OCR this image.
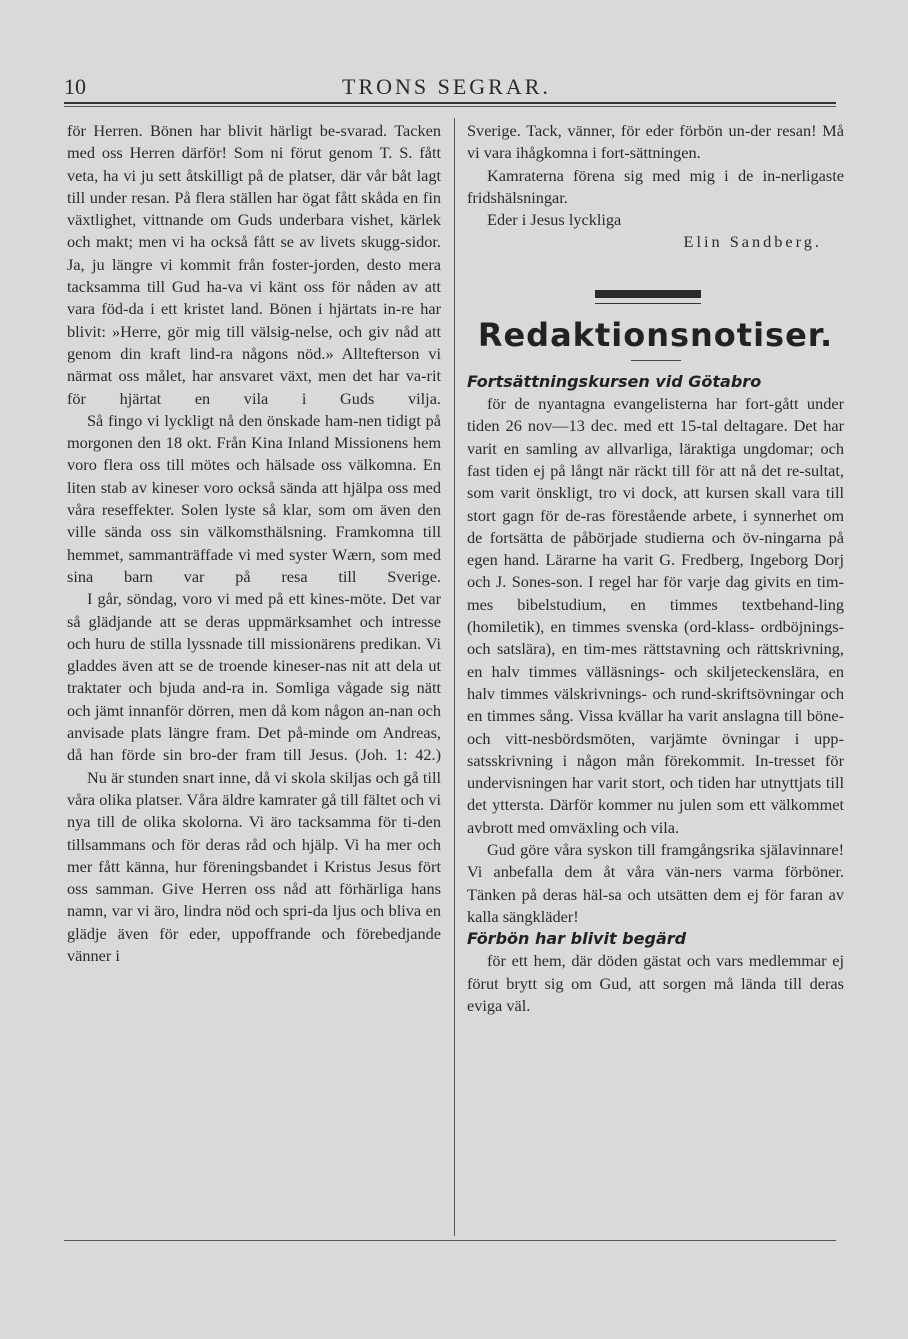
10	TRONS SEGRAR.

för Herren. Bönen har blivit härligt be-svarad. Tacken med oss Herren därför! Som ni förut genom T. S. fått veta, ha vi ju sett åtskilligt på de platser, där vår båt lagt till under resan. På flera ställen har ögat fått skåda en fin växtlighet, vittnande om Guds underbara vishet, kärlek och makt; men vi ha också fått se av livets skugg-sidor. Ja, ju längre vi kommit från foster-jorden, desto mera tacksamma till Gud ha-va vi känt oss för nåden av att vara föd-da i ett kristet land. Bönen i hjärtats in-re har blivit: »Herre, gör mig till välsig-nelse, och giv nåd att genom din kraft lind-ra någons nöd.» Alltefterson vi närmat oss målet, har ansvaret växt, men det har va-rit för hjärtat en vila i Guds vilja.

Så fingo vi lyckligt nå den önskade ham-nen tidigt på morgonen den 18 okt. Från Kina Inland Missionens hem voro flera oss till mötes och hälsade oss välkomna. En liten stab av kineser voro också sända att hjälpa oss med våra reseffekter. Solen lyste så klar, som om även den ville sända oss sin välkomsthälsning. Framkomna till hemmet, sammanträffade vi med syster Wærn, som med sina barn var på resa till Sverige.

I går, söndag, voro vi med på ett kines-möte. Det var så glädjande att se deras uppmärksamhet och intresse och huru de stilla lyssnade till missionärens predikan. Vi gladdes även att se de troende kineser-nas nit att dela ut traktater och bjuda and-ra in. Somliga vågade sig nätt och jämt innanför dörren, men då kom någon an-nan och anvisade plats längre fram. Det på-minde om Andreas, då han förde sin bro-der fram till Jesus. (Joh. 1: 42.)

Nu är stunden snart inne, då vi skola skiljas och gå till våra olika platser. Våra äldre kamrater gå till fältet och vi nya till de olika skolorna. Vi äro tacksamma för ti-den tillsammans och för deras råd och hjälp. Vi ha mer och mer fått känna, hur föreningsbandet i Kristus Jesus fört oss samman. Give Herren oss nåd att förhärliga hans namn, var vi äro, lindra nöd och spri-da ljus och bliva en glädje även för eder, uppoffrande och förebedjande vänner i

Sverige. Tack, vänner, för eder förbön un-der resan! Må vi vara ihågkomna i fort-sättningen.

Kamraterna förena sig med mig i de in-nerligaste fridshälsningar.

Eder i Jesus lyckliga

Elin Sandberg.

Redaktionsnotiser.

Fortsättningskursen vid Götabro

för de nyantagna evangelisterna har fort-gått under tiden 26 nov—13 dec. med ett 15-tal deltagare. Det har varit en samling av allvarliga, läraktiga ungdomar; och fast tiden ej på långt när räckt till för att nå det re-sultat, som varit önskligt, tro vi dock, att kursen skall vara till stort gagn för de-ras förestående arbete, i synnerhet om de fortsätta de påbörjade studierna och öv-ningarna på egen hand. Lärarne ha varit G. Fredberg, Ingeborg Dorj och J. Sones-son. I regel har för varje dag givits en tim-mes bibelstudium, en timmes textbehand-ling (homiletik), en timmes svenska (ord-klass- ordböjnings- och satslära), en tim-mes rättstavning och rättskrivning, en halv timmes välläsnings- och skiljeteckenslära, en halv timmes välskrivnings- och rund-skriftsövningar och en timmes sång. Vissa kvällar ha varit anslagna till böne- och vitt-nesbördsmöten, varjämte övningar i upp-satsskrivning i någon mån förekommit. In-tresset för undervisningen har varit stort, och tiden har utnyttjats till det yttersta. Därför kommer nu julen som ett välkommet avbrott med omväxling och vila.

Gud göre våra syskon till framgångsrika själavinnare! Vi anbefalla dem åt våra vän-ners varma förböner. Tänken på deras häl-sa och utsätten dem ej för faran av kalla sängkläder!

Förbön har blivit begärd

för ett hem, där döden gästat och vars medlemmar ej förut brytt sig om Gud, att sorgen må lända till deras eviga väl.
